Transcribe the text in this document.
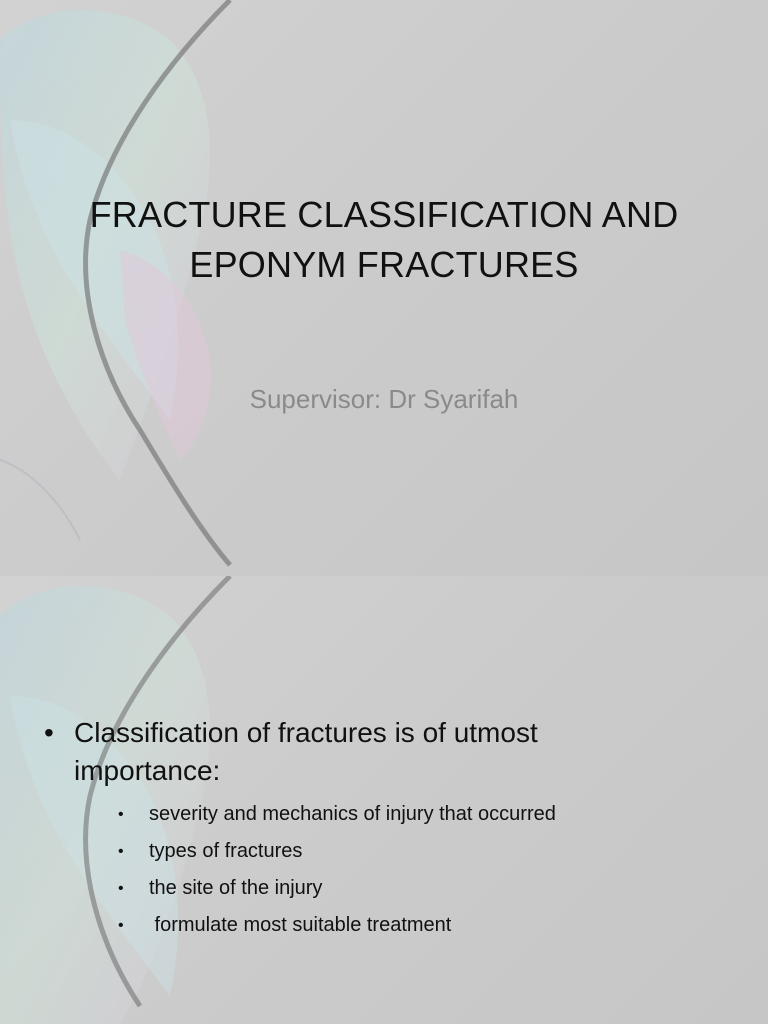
FRACTURE CLASSIFICATION AND
EPONYM FRACTURES
Supervisor: Dr Syarifah
• Classification of fractures is of utmost
importance:
•	severity and mechanics of injury that occurred
•	types of fractures
•	the site of the injury
•	formulate most suitable treatment
